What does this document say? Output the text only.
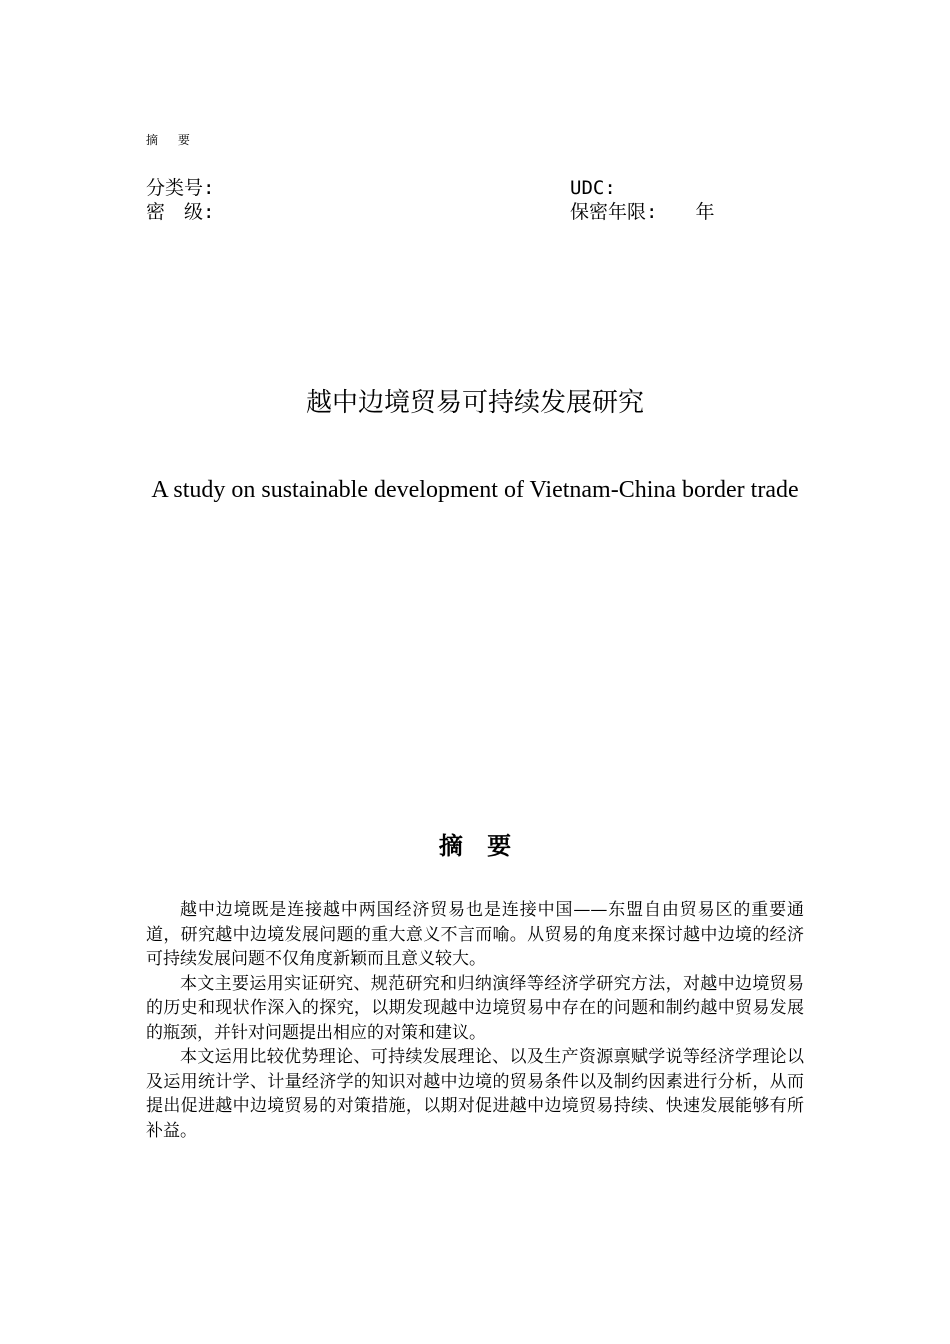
摘 要
分类号:
密　级:
UDC:
保密年限:　　年
越中边境贸易可持续发展研究
A study on sustainable development of Vietnam-China border trade
摘 要

越中边境既是连接越中两国经济贸易也是连接中国——东盟自由贸易区的重要通道，研究越中边境发展问题的重大意义不言而喻。从贸易的角度来探讨越中边境的经济可持续发展问题不仅角度新颖而且意义较大。

本文主要运用实证研究、规范研究和归纳演绎等经济学研究方法，对越中边境贸易的历史和现状作深入的探究，以期发现越中边境贸易中存在的问题和制约越中贸易发展的瓶颈，并针对问题提出相应的对策和建议。

本文运用比较优势理论、可持续发展理论、以及生产资源禀赋学说等经济学理论以及运用统计学、计量经济学的知识对越中边境的贸易条件以及制约因素进行分析，从而提出促进越中边境贸易的对策措施，以期对促进越中边境贸易持续、快速发展能够有所补益。
